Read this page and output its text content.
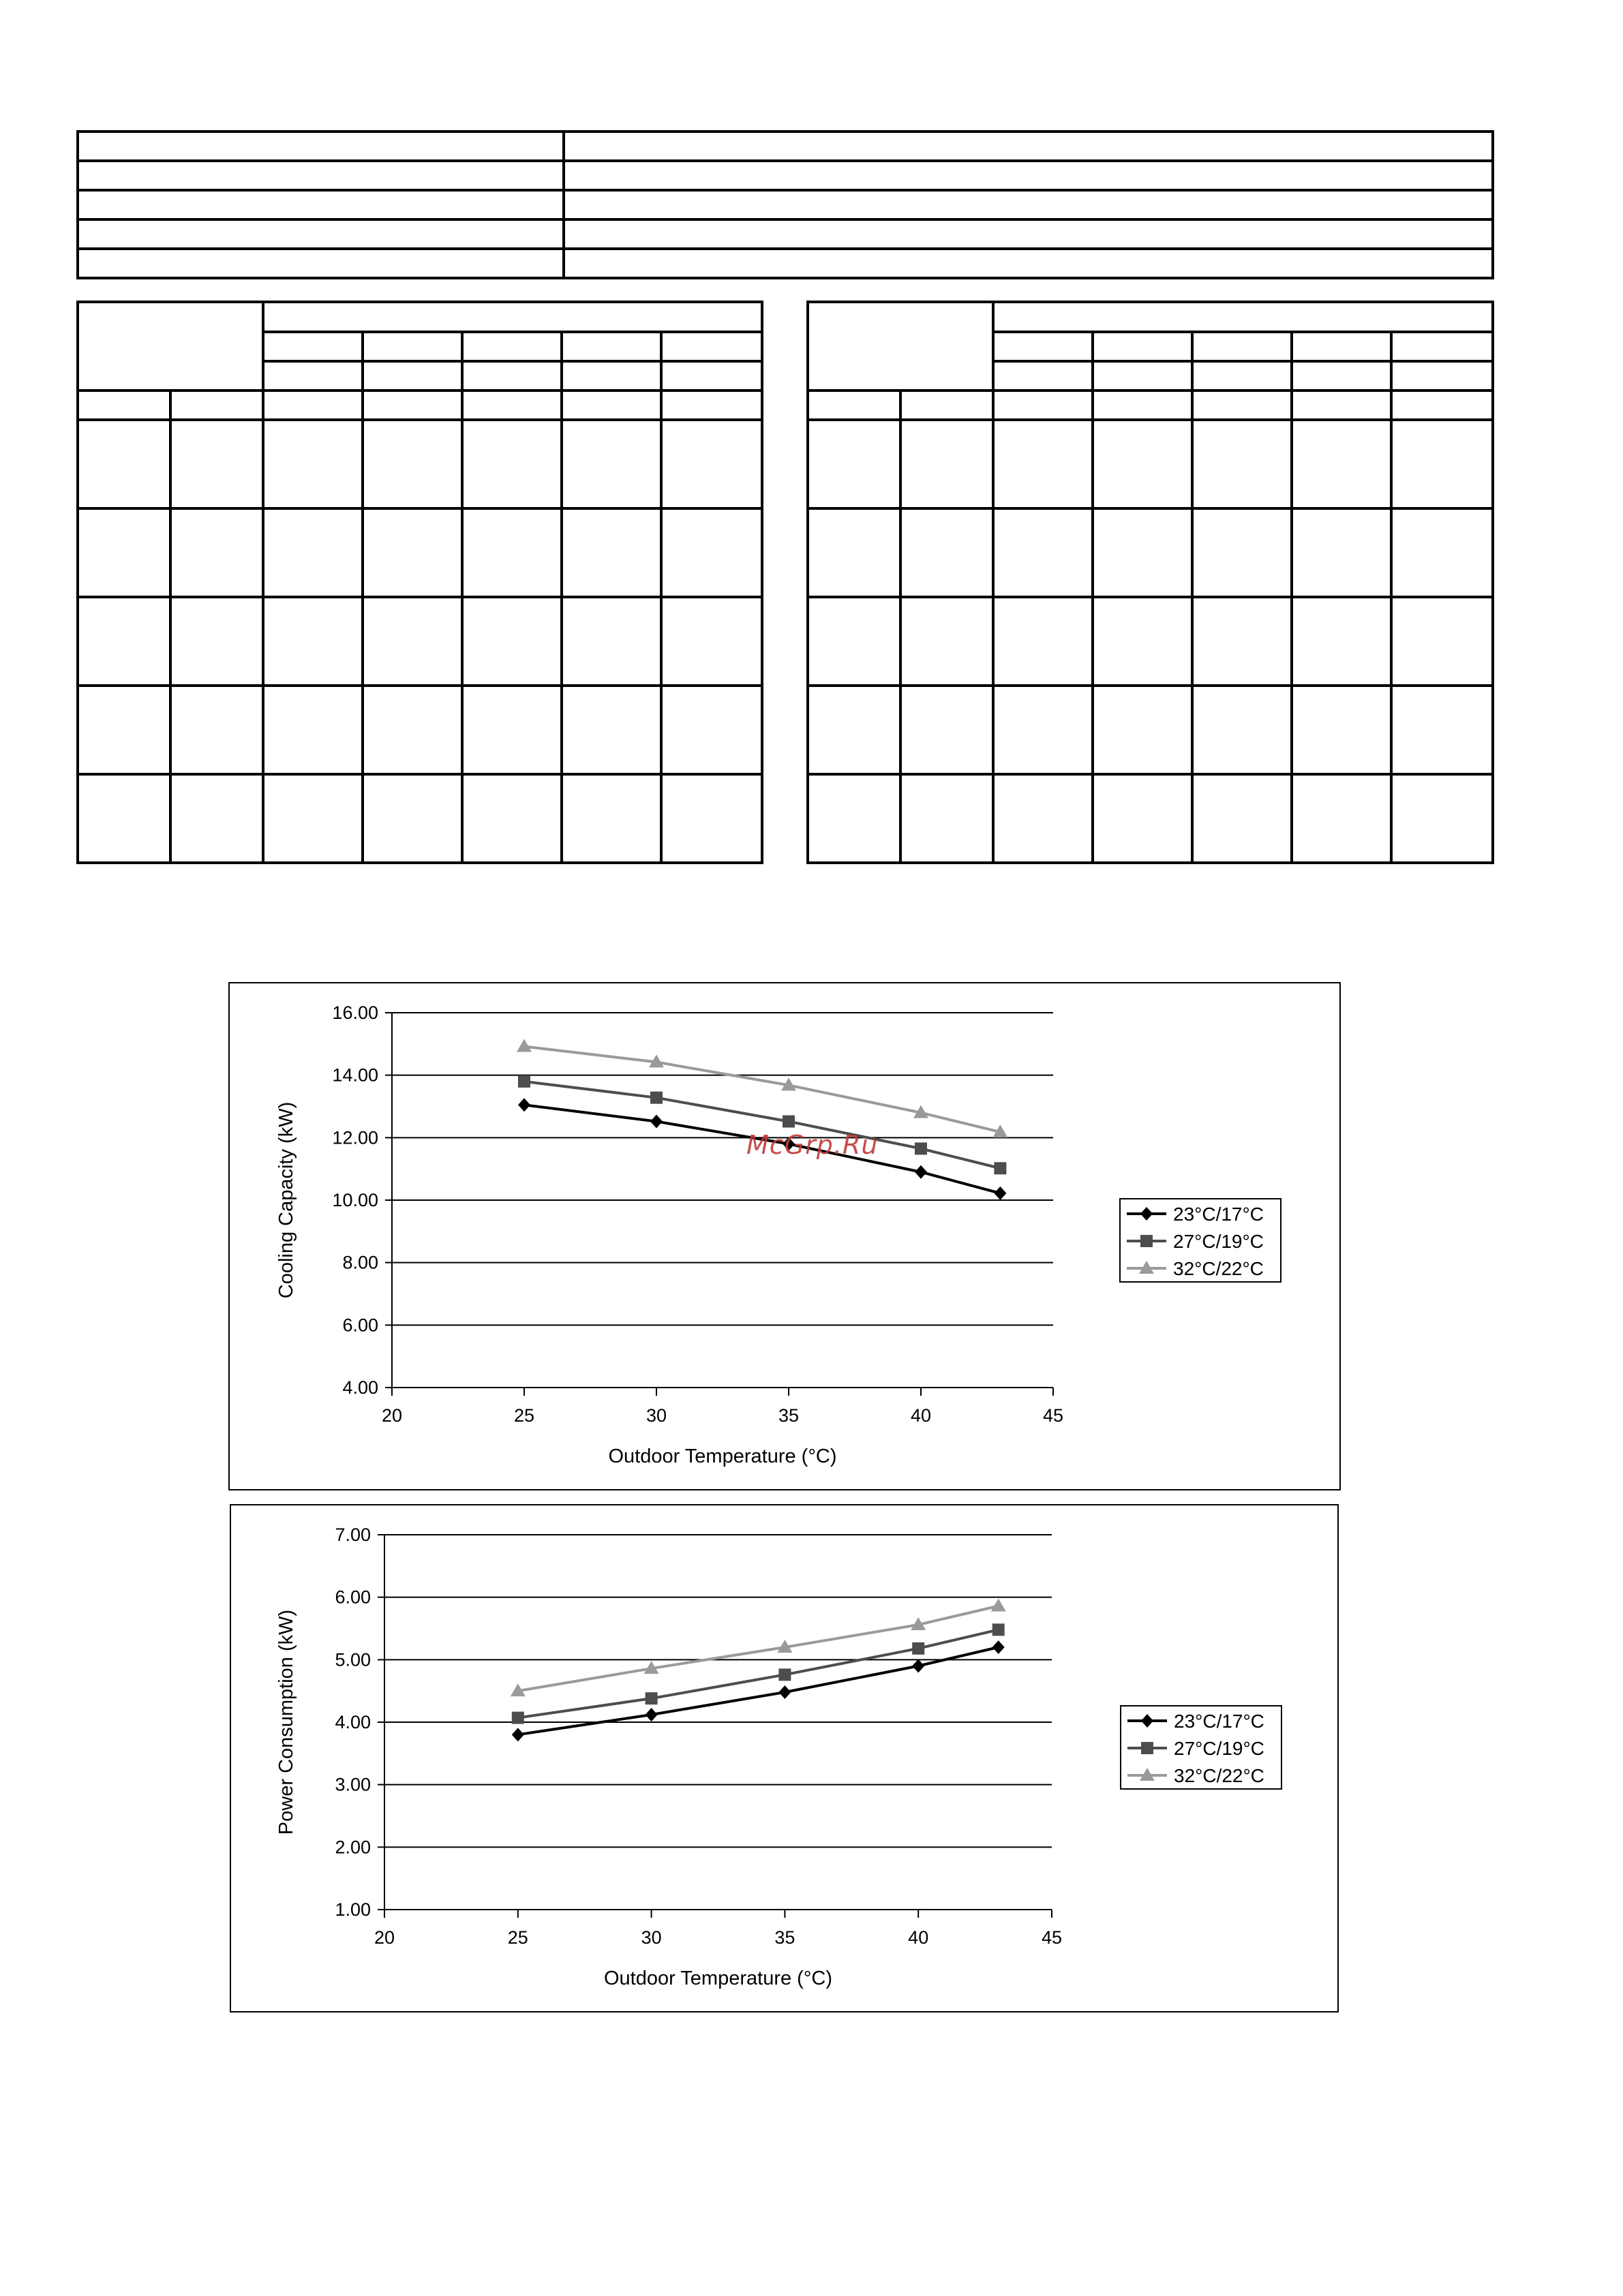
4.00
6.00
8.00
10.00
12.00
14.00
16.00
20	25	30	35	40	45
Outdoor Temperature (°C)
Cooling Capacity (kW)	23°C/17°C
27°C/19°C
32°C/22°C
1.00
2.00
3.00
4.00
5.00
6.00
7.00
20	25	30	35	40	45
Outdoor Temperature (°C)
Power Consumption (kW)	23°C/17°C
27°C/19°C
32°C/22°C
McGrp.Ru
